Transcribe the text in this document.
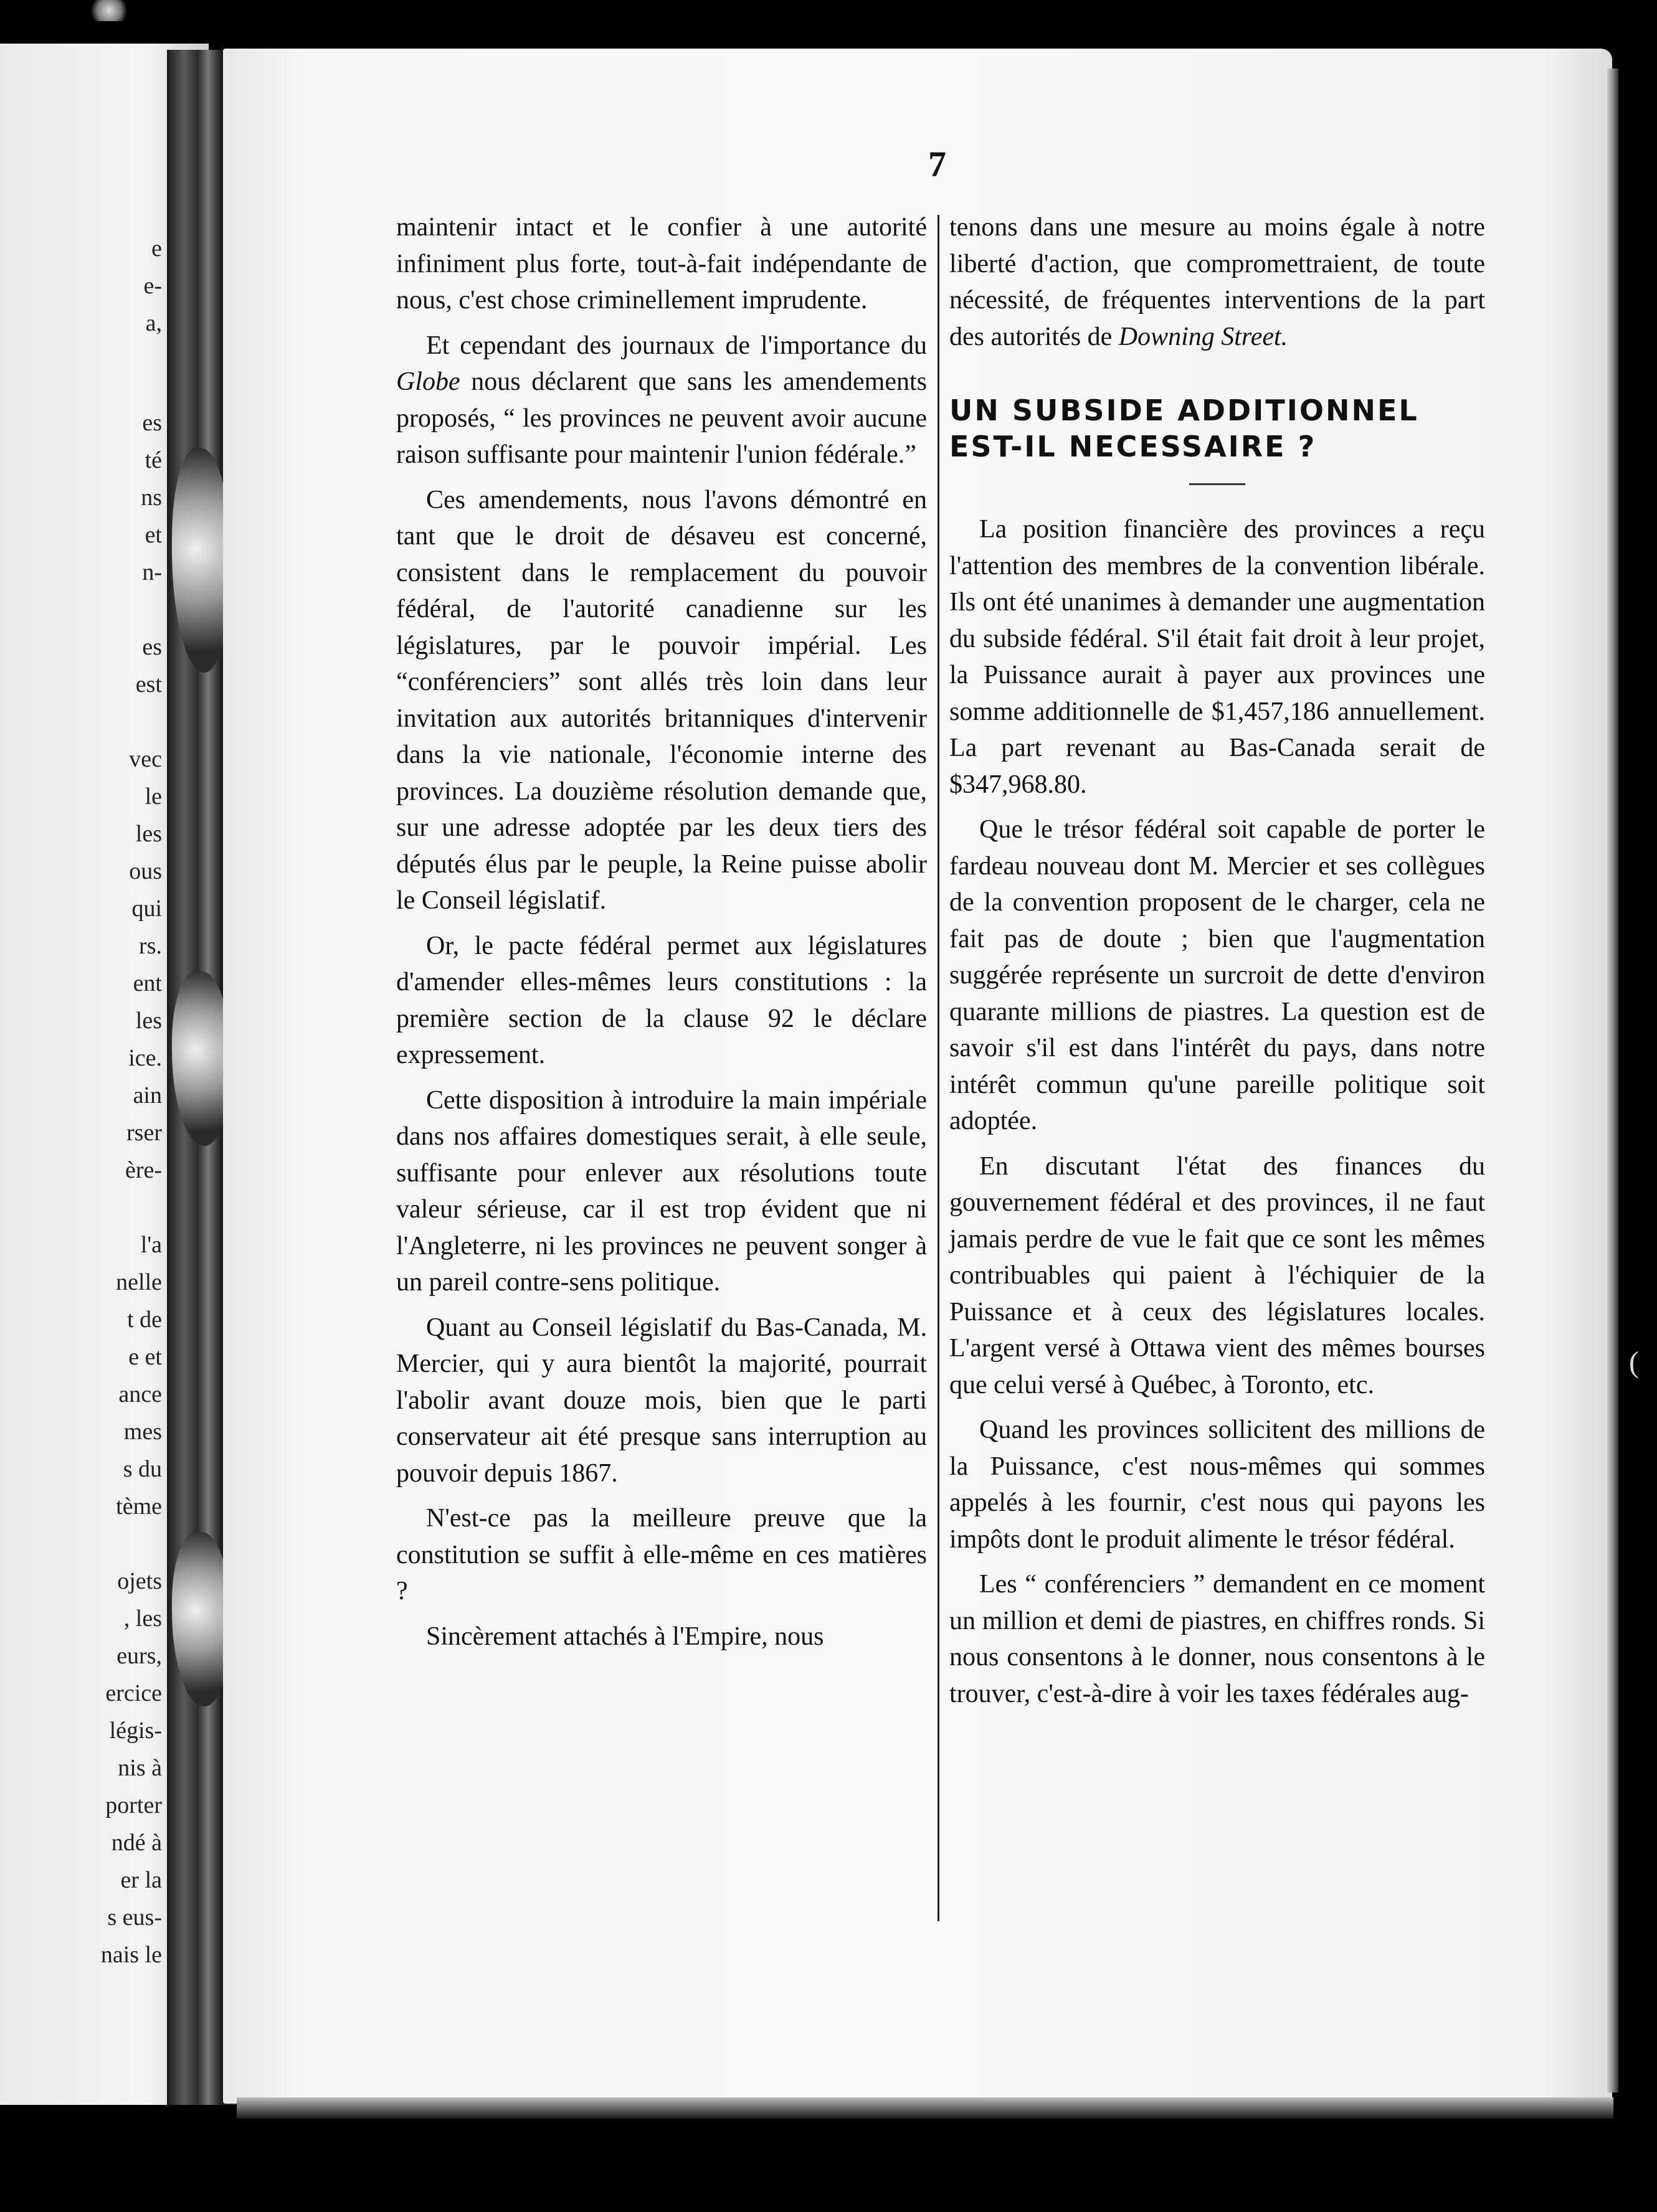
e
e-
a,
es
té
ns
et
n-
es
est
vec
le
les
ous
qui
rs.
ent
les
ice.
ain
rser
ère-
l'a
nelle
t de
e et
ance
mes
s du
tème
ojets
, les
eurs,
ercice
légis-
nis à
porter
ndé à
er la
s eus-
nais le
7

maintenir intact et le confier à une autorité infiniment plus forte, tout-à-fait indépendante de nous, c'est chose criminellement imprudente.

Et cependant des journaux de l'importance du Globe nous déclarent que sans les amendements proposés, “ les provinces ne peuvent avoir aucune raison suffisante pour maintenir l'union fédérale.”

Ces amendements, nous l'avons démontré en tant que le droit de désaveu est concerné, consistent dans le remplacement du pouvoir fédéral, de l'autorité canadienne sur les législatures, par le pouvoir impérial. Les “conférenciers” sont allés très loin dans leur invitation aux autorités britanniques d'intervenir dans la vie nationale, l'économie interne des provinces. La douzième résolution demande que, sur une adresse adoptée par les deux tiers des députés élus par le peuple, la Reine puisse abolir le Conseil législatif.

Or, le pacte fédéral permet aux législatures d'amender elles-mêmes leurs constitutions : la première section de la clause 92 le déclare expressement.

Cette disposition à introduire la main impériale dans nos affaires domestiques serait, à elle seule, suffisante pour enlever aux résolutions toute valeur sérieuse, car il est trop évident que ni l'Angleterre, ni les provinces ne peuvent songer à un pareil contre-sens politique.

Quant au Conseil législatif du Bas-Canada, M. Mercier, qui y aura bientôt la majorité, pourrait l'abolir avant douze mois, bien que le parti conservateur ait été presque sans interruption au pouvoir depuis 1867.

N'est-ce pas la meilleure preuve que la constitution se suffit à elle-même en ces matières ?

Sincèrement attachés à l'Empire, nous

tenons dans une mesure au moins égale à notre liberté d'action, que compromettraient, de toute nécessité, de fréquentes interventions de la part des autorités de Downing Street.

UN SUBSIDE ADDITIONNEL
EST-IL NECESSAIRE ?

La position financière des provinces a reçu l'attention des membres de la convention libérale. Ils ont été unanimes à demander une augmentation du subside fédéral. S'il était fait droit à leur projet, la Puissance aurait à payer aux provinces une somme additionnelle de $1,457,186 annuellement. La part revenant au Bas-Canada serait de $347,968.80.

Que le trésor fédéral soit capable de porter le fardeau nouveau dont M. Mercier et ses collègues de la convention proposent de le charger, cela ne fait pas de doute ; bien que l'augmentation suggérée représente un surcroit de dette d'environ quarante millions de piastres. La question est de savoir s'il est dans l'intérêt du pays, dans notre intérêt commun qu'une pareille politique soit adoptée.

En discutant l'état des finances du gouvernement fédéral et des provinces, il ne faut jamais perdre de vue le fait que ce sont les mêmes contribuables qui paient à l'échiquier de la Puissance et à ceux des législatures locales. L'argent versé à Ottawa vient des mêmes bourses que celui versé à Québec, à Toronto, etc.

Quand les provinces sollicitent des millions de la Puissance, c'est nous-mêmes qui sommes appelés à les fournir, c'est nous qui payons les impôts dont le produit alimente le trésor fédéral.

Les “ conférenciers ” demandent en ce moment un million et demi de piastres, en chiffres ronds. Si nous consentons à le donner, nous consentons à le trouver, c'est-à-dire à voir les taxes fédérales aug-

(
